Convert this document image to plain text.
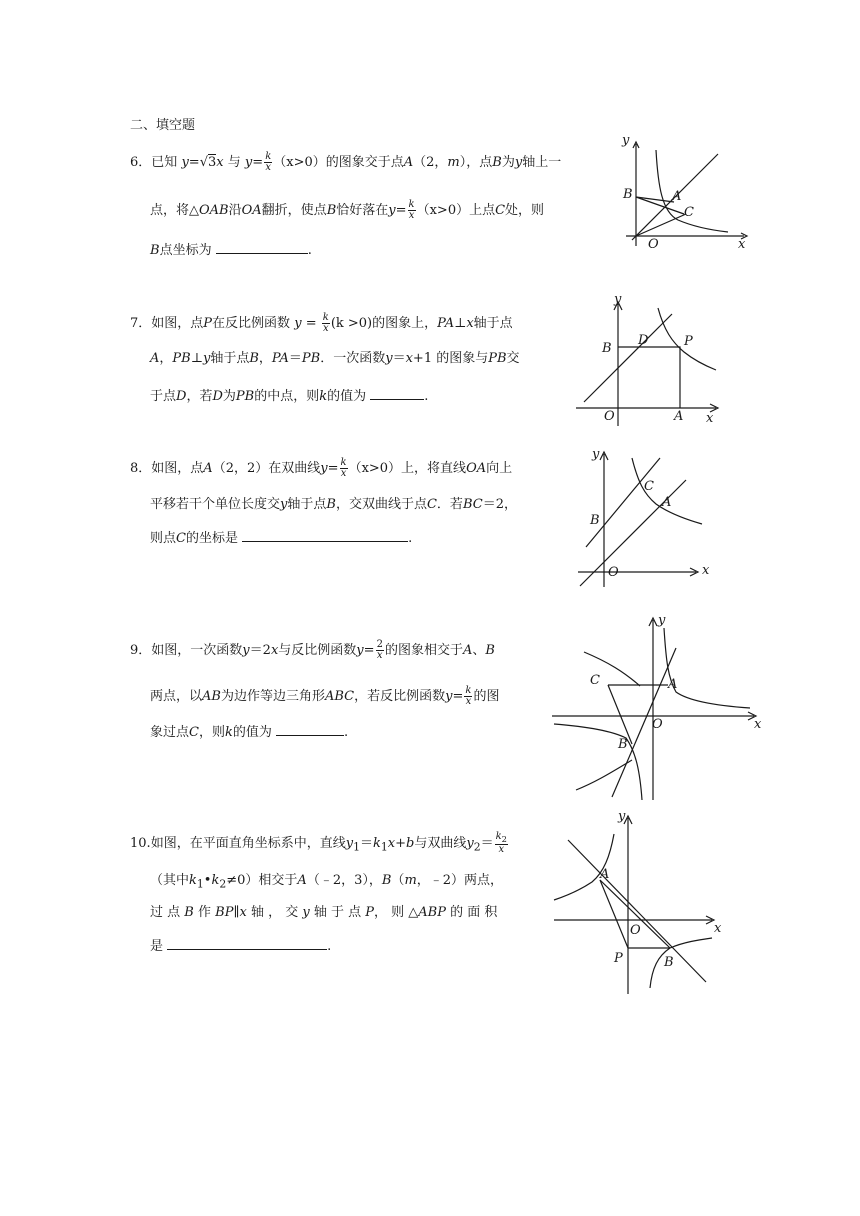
二、填空题
6．已知 y=√3x 与 $y= \frac{k}{x} (x>0)$的图象交于点A（2，m），点B为y轴上一
点，将△OAB沿OA翻折，使点B恰好落在$y= \frac{k}{x} (x>0)$上点C处，则
B点坐标为	.
y
x
B	A
C
O
7．如图，点P在反比例函数 $y = \frac{k}{x} (k >0)$的图象上，PA⊥x轴于点
A，PB⊥y轴于点B，PA＝PB．一次函数y＝x+1 的图象与PB交
于点D，若D为PB的中点，则k的值为	.
y
x
B
D	P
A
O
8．如图，点A（2，2）在双曲线$y= \frac{k}{x} (x>0)$上，将直线OA向上
平移若干个单位长度交y轴于点B，交双曲线于点C．若BC＝2，
则点C的坐标是	.
y
x
B
C
A
O
9．如图，一次函数y＝2x与反比例函数$y= \frac{2}{x}$ 的图象相交于A、B
两点，以AB为边作等边三角形ABC，若反比例函数$y= \frac{k}{x}$ 的图
象过点C，则k的值为	.
y
x
C	A
O
B
10.如图，在平面直角坐标系中，直线$y_1=k_1x+b$与双曲线$y_2= \frac{k_2}{x}$
（其中$k_1•k_2\ne 0$）相交于A（﹣2，3），B（m，﹣2）两点，
过 点 B 作 BP∥x 轴 ， 交 y 轴 于 点 P， 则 △ABP 的 面 积
是	.
y
x
A
O
P	B
